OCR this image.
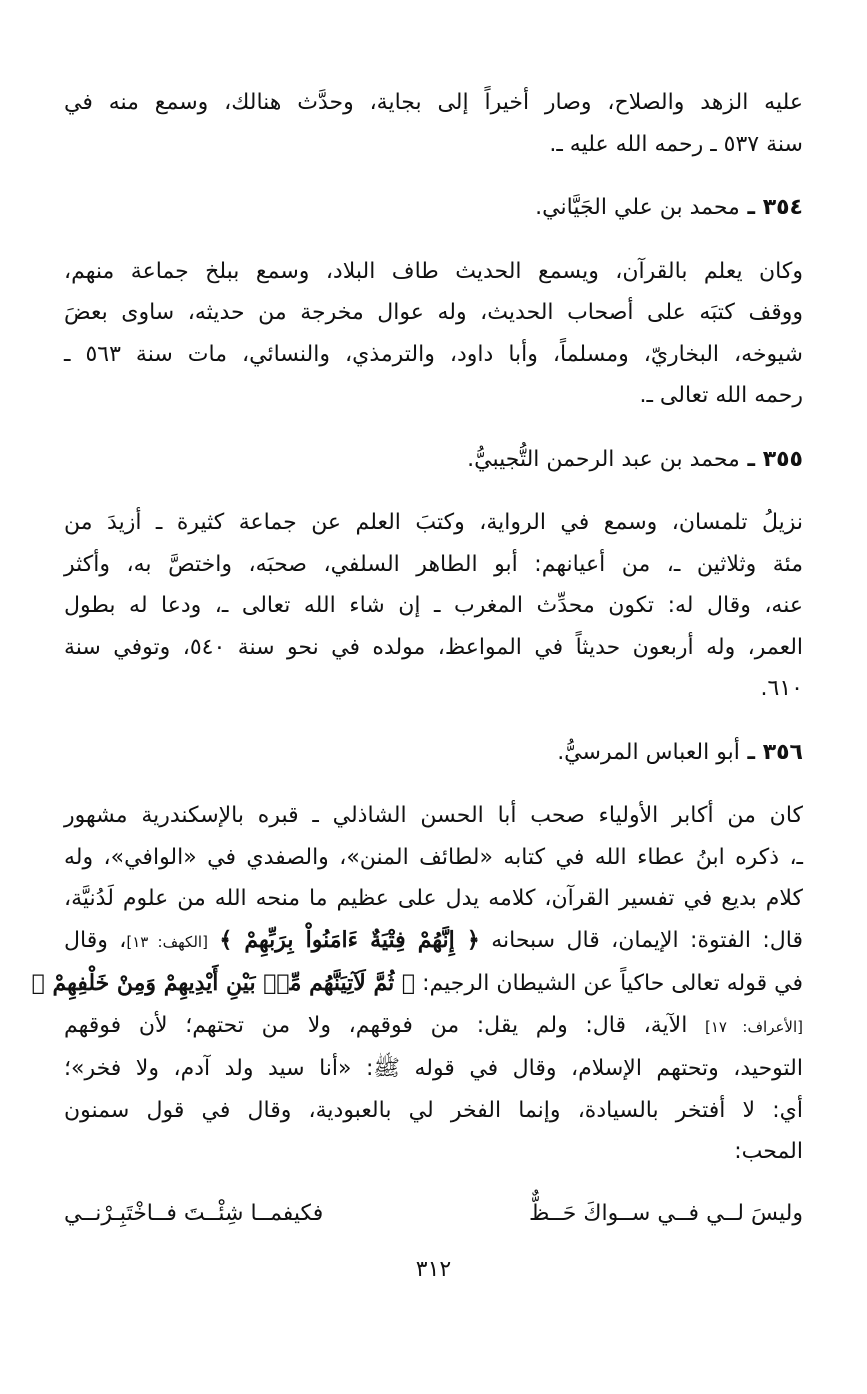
عليه الزهد والصلاح، وصار أخيراً إلى بجاية، وحدَّث هنالك، وسمع منه في
سنة ٥٣٧ ـ رحمه الله عليه ـ.
٣٥٤ ـ محمد بن علي الجَيَّاني.
وكان يعلم بالقرآن، ويسمع الحديث طاف البلاد، وسمع ببلخ جماعة منهم،
ووقف كتبَه على أصحاب الحديث، وله عوال مخرجة من حديثه، ساوى بعضَ
شيوخه، البخاريّ، ومسلماً، وأبا داود، والترمذي، والنسائي، مات سنة ٥٦٣ ـ
رحمه الله تعالى ـ.
٣٥٥ ـ محمد بن عبد الرحمن التُّجيبيُّ.
نزيلُ تلمسان، وسمع في الرواية، وكتبَ العلم عن جماعة كثيرة ـ أزيدَ من
مئة وثلاثين ـ، من أعيانهم: أبو الطاهر السلفي، صحبَه، واختصَّ به، وأكثر
عنه، وقال له: تكون محدِّث المغرب ـ إن شاء الله تعالى ـ، ودعا له بطول
العمر، وله أربعون حديثاً في المواعظ، مولده في نحو سنة ٥٤٠، وتوفي سنة
٦١٠.
٣٥٦ ـ أبو العباس المرسيُّ.
كان من أكابر الأولياء صحب أبا الحسن الشاذلي ـ قبره بالإسكندرية مشهور
ـ، ذكره ابنُ عطاء الله في كتابه «لطائف المنن»، والصفدي في «الوافي»، وله
كلام بديع في تفسير القرآن، كلامه يدل على عظيم ما منحه الله من علوم لَدُنيَّة،
قال: الفتوة: الإيمان، قال سبحانه ﴿ إِنَّهُمْ فِتْيَةٌ ءَامَنُواْ بِرَبِّهِمْ ﴾ [الكهف: ١٣]، وقال
في قوله تعالى حاكياً عن الشيطان الرجيم: ﴿ ثُمَّ لَآتِيَنَّهُم مِّنۢ بَيْنِ أَيْدِيهِمْ وَمِنْ خَلْفِهِمْ ﴾
[الأعراف: ١٧] الآية، قال: ولم يقل: من فوقهم، ولا من تحتهم؛ لأن فوقهم
التوحيد، وتحتهم الإسلام، وقال في قوله ﷺ: «أنا سيد ولد آدم، ولا فخر»؛
أي: لا أفتخر بالسيادة، وإنما الفخر لي بالعبودية، وقال في قول سمنون
المحب:
وليسَ لــي فــي ســواكَ حَــظٌّ
فكيفمــا شِئْــتَ فــاخْتَبِـرْنــي
٣١٢
